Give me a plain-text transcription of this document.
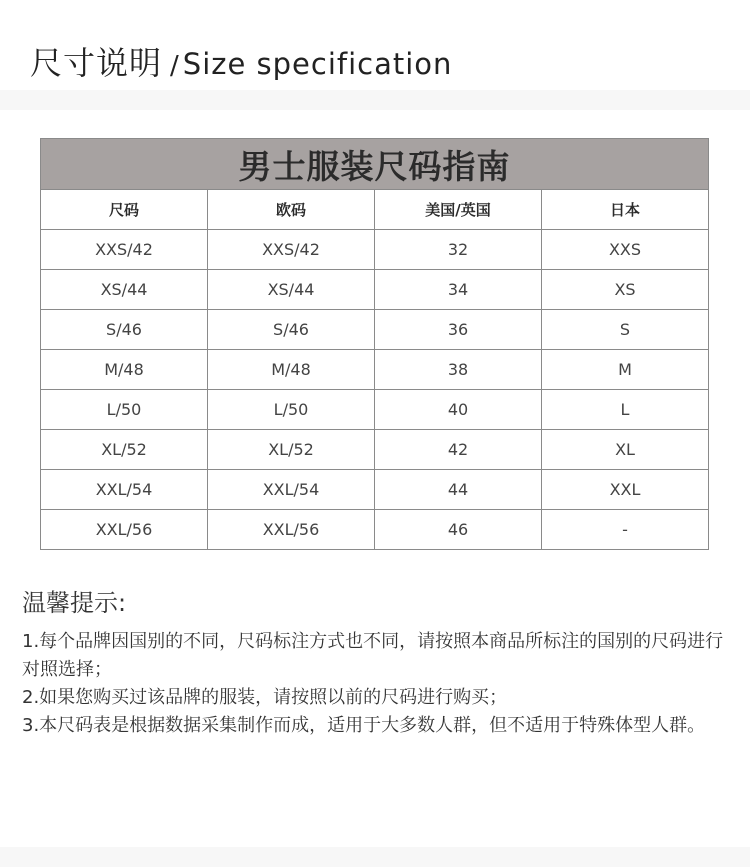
尺寸说明 / Size specification
男士服装尺码指南			
尺码	欧码	美国/英国	日本
XXS/42	XXS/42	32	XXS
XS/44	XS/44	34	XS
S/46	S/46	36	S
M/48	M/48	38	M
L/50	L/50	40	L
XL/52	XL/52	42	XL
XXL/54	XXL/54	44	XXL
XXL/56	XXL/56	46	-
温馨提示:
1.每个品牌因国别的不同，尺码标注方式也不同，请按照本商品所标注的国别的尺码进行对照选择；
2.如果您购买过该品牌的服装，请按照以前的尺码进行购买；
3.本尺码表是根据数据采集制作而成，适用于大多数人群，但不适用于特殊体型人群。
